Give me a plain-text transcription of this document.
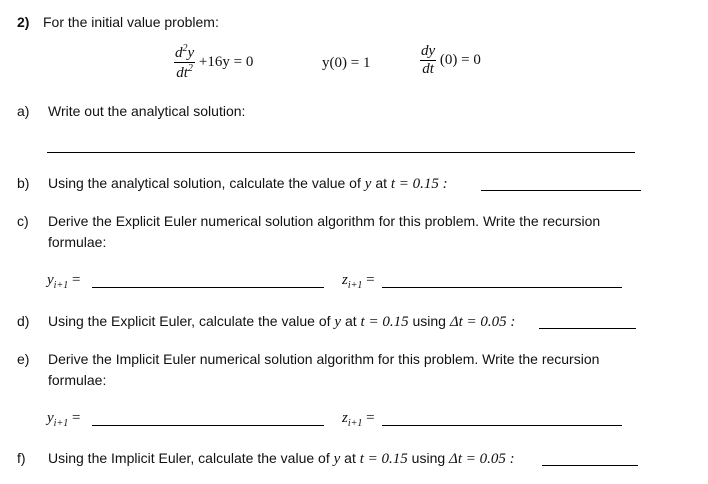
2) For the initial value problem:
$\frac{d^2y}{dt^2} +16y = 0$	y(0) = 1	$\frac{dy}{dt} (0) = 0$
a) Write out the analytical solution:
b) Using the analytical solution, calculate the value of y at t = 0.15 :
c) Derive the Explicit Euler numerical solution algorithm for this problem. Write the recursion
formulae:
$y_{i+1}$ =	$z_{i+1}$ =
d) Using the Explicit Euler, calculate the value of y at t = 0.15 using Δt = 0.05 :
e) Derive the Implicit Euler numerical solution algorithm for this problem. Write the recursion
formulae:
$y_{i+1}$ =	$z_{i+1}$ =
f) Using the Implicit Euler, calculate the value of y at t = 0.15 using Δt = 0.05 :
